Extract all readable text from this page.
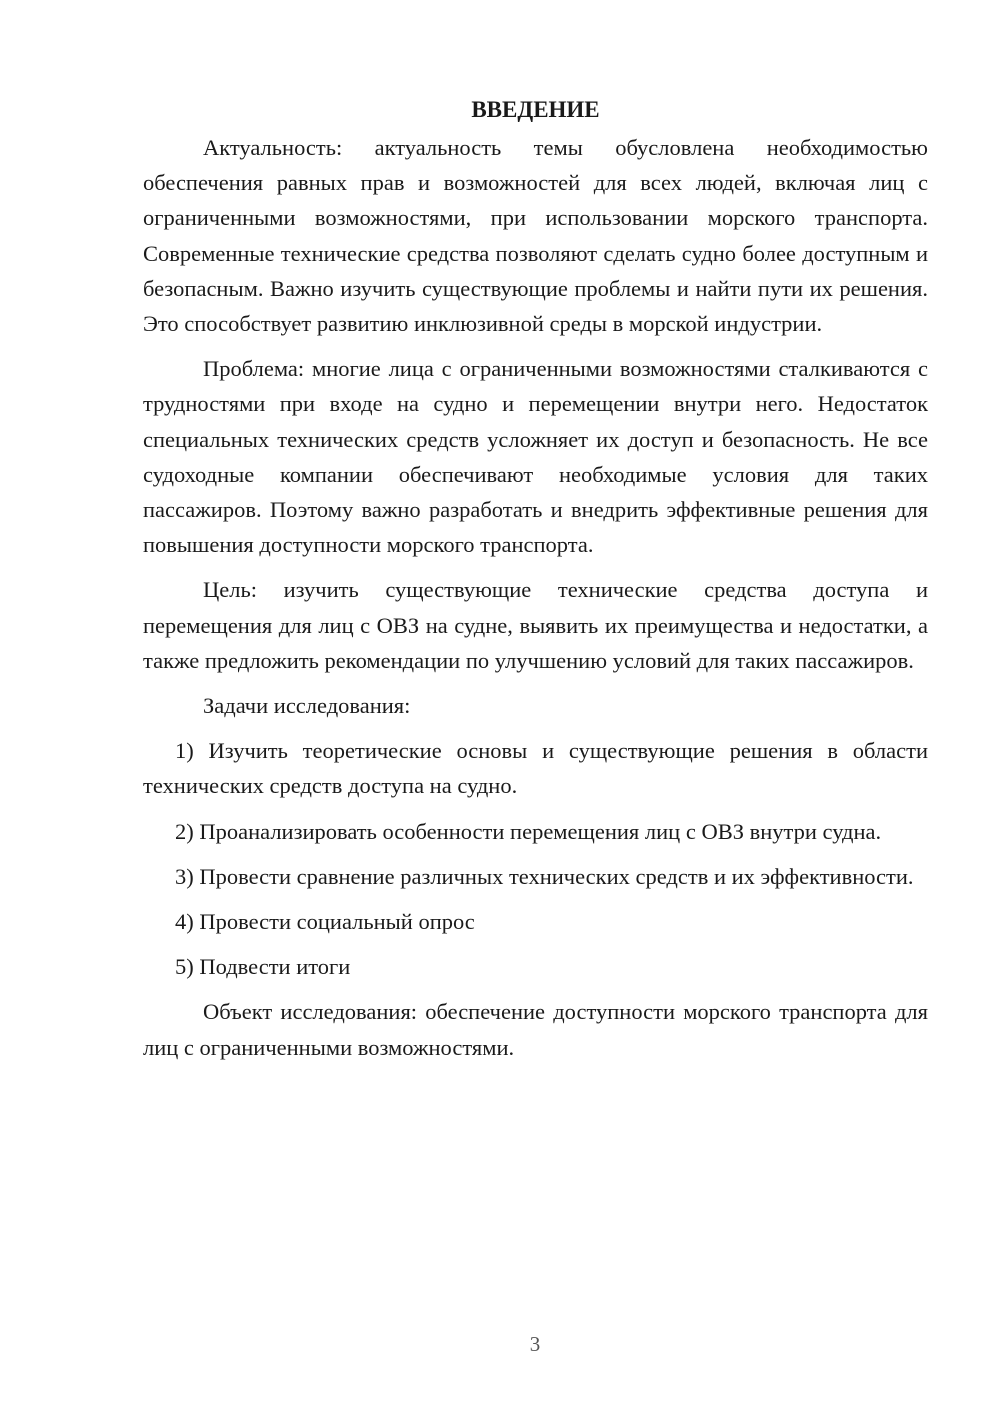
ВВЕДЕНИЕ

Актуальность: актуальность темы обусловлена необходимостью обеспечения равных прав и возможностей для всех людей, включая лиц с ограниченными возможностями, при использовании морского транспорта. Современные технические средства позволяют сделать судно более доступным и безопасным. Важно изучить существующие проблемы и найти пути их решения. Это способствует развитию инклюзивной среды в морской индустрии.

Проблема: многие лица с ограниченными возможностями сталкиваются с трудностями при входе на судно и перемещении внутри него. Недостаток специальных технических средств усложняет их доступ и безопасность. Не все судоходные компании обеспечивают необходимые условия для таких пассажиров. Поэтому важно разработать и внедрить эффективные решения для повышения доступности морского транспорта.

Цель: изучить существующие технические средства доступа и перемещения для лиц с ОВЗ на судне, выявить их преимущества и недостатки, а также предложить рекомендации по улучшению условий для таких пассажиров.

Задачи исследования:

1) Изучить теоретические основы и существующие решения в области технических средств доступа на судно.

2) Проанализировать особенности перемещения лиц с ОВЗ внутри судна.

3) Провести сравнение различных технических средств и их эффективности.

4) Провести социальный опрос

5) Подвести итоги

Объект исследования: обеспечение доступности морского транспорта для лиц с ограниченными возможностями.

3
